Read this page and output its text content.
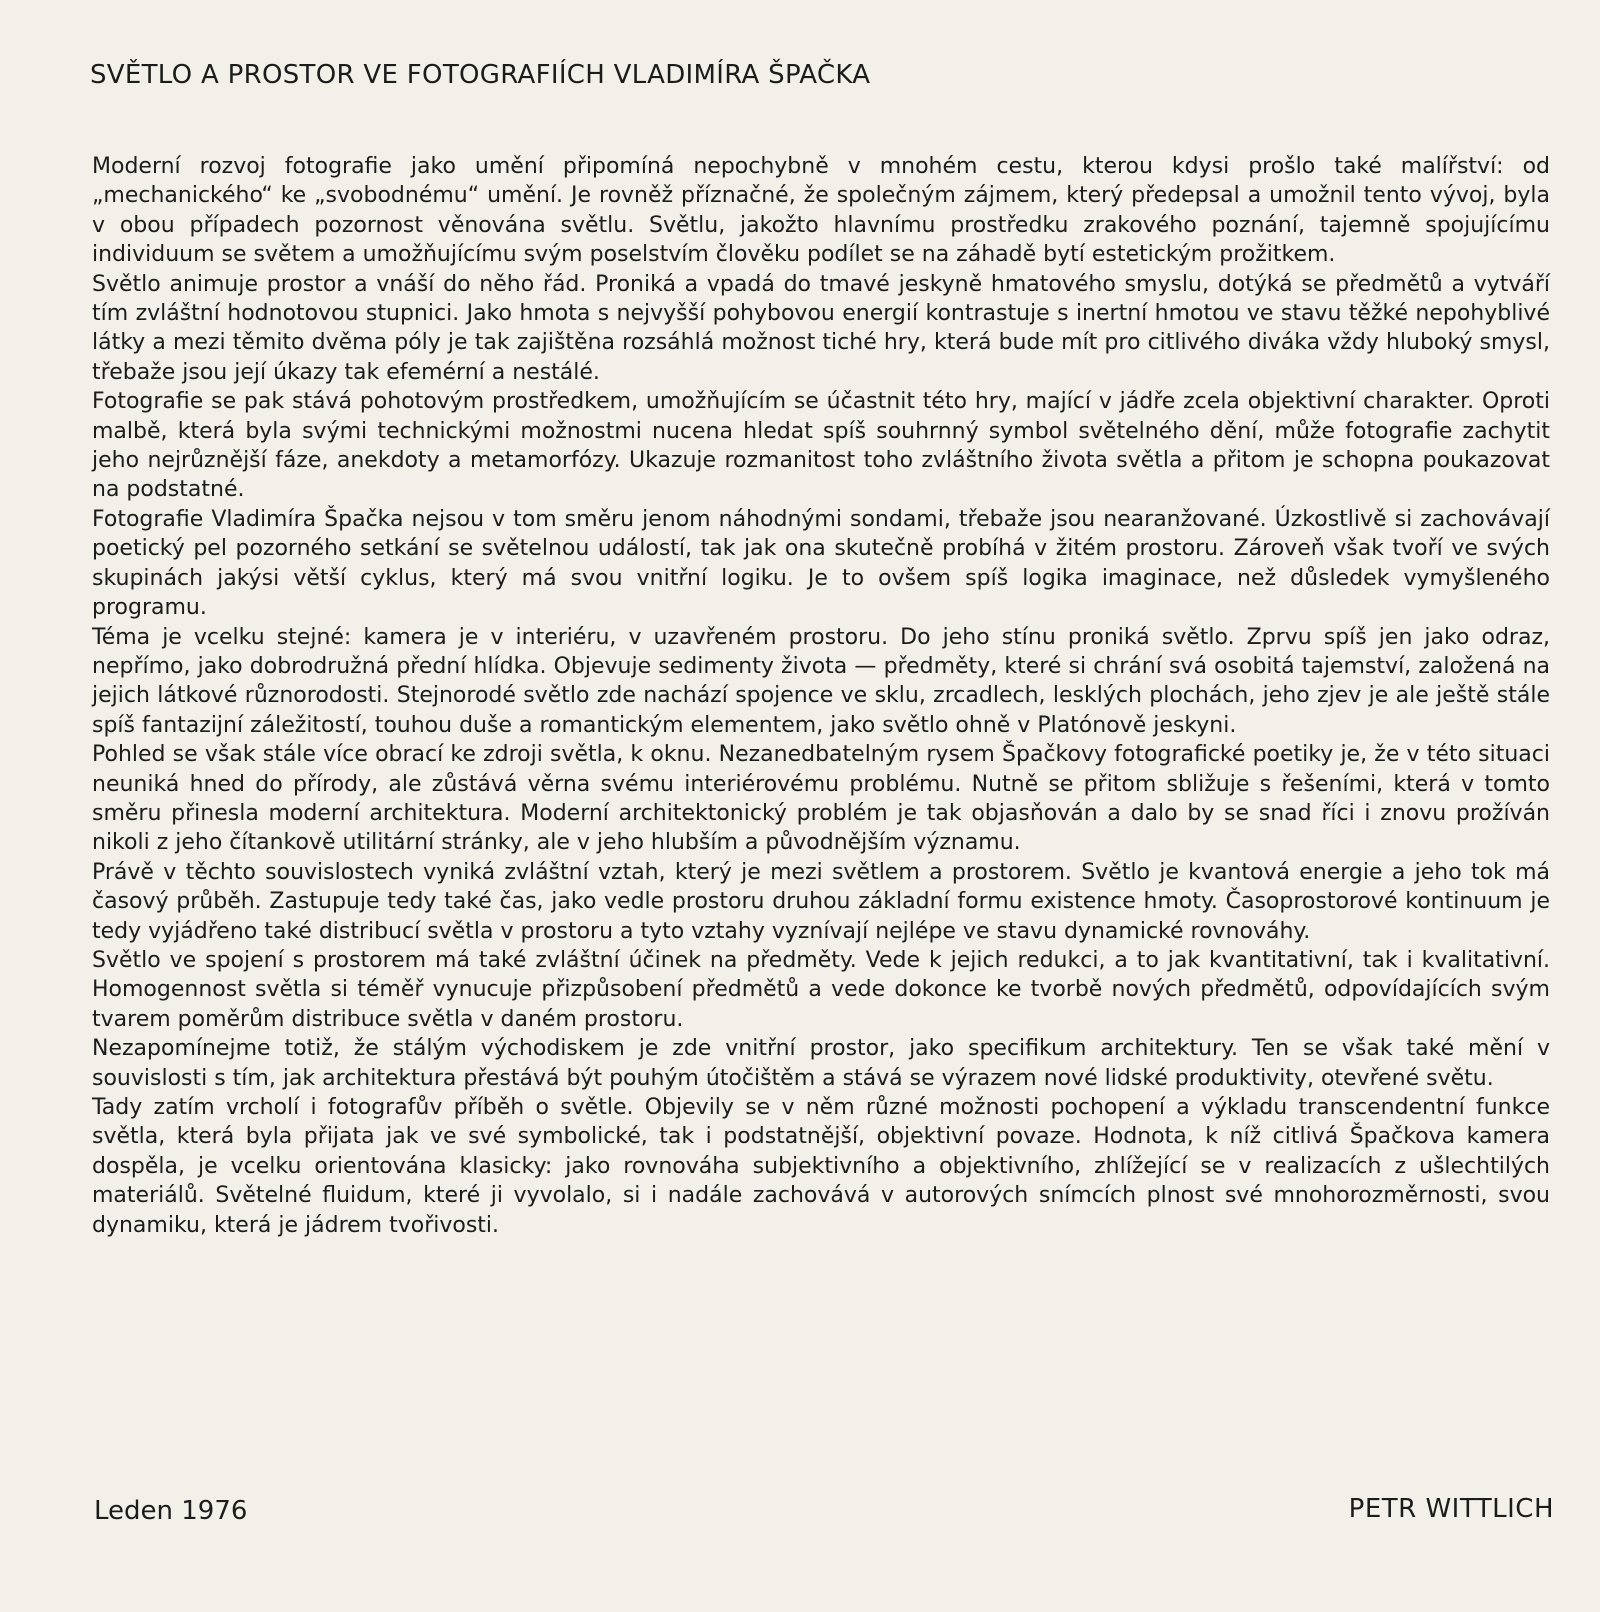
SVĚTLO A PROSTOR VE FOTOGRAFIÍCH VLADIMÍRA ŠPAČKA

Moderní rozvoj fotografie jako umění připomíná nepochybně v mnohém cestu, kterou kdysi prošlo také malířství: od „mechanického“ ke „svobodnému“ umění. Je rovněž příznačné, že společným zájmem, který předepsal a umožnil tento vývoj, byla v obou případech pozornost věnována světlu. Světlu, jakožto hlavnímu prostředku zrakového poznání, tajemně spojujícímu individuum se světem a umožňujícímu svým poselstvím člověku podílet se na záhadě bytí estetickým prožitkem.

Světlo animuje prostor a vnáší do něho řád. Proniká a vpadá do tmavé jeskyně hmatového smyslu, dotýká se předmětů a vytváří tím zvláštní hodnotovou stupnici. Jako hmota s nejvyšší pohybovou energií kontrastuje s inertní hmotou ve stavu těžké nepohyblivé látky a mezi těmito dvěma póly je tak zajištěna rozsáhlá možnost tiché hry, která bude mít pro citlivého diváka vždy hluboký smysl, třebaže jsou její úkazy tak efemérní a nestálé.

Fotografie se pak stává pohotovým prostředkem, umožňujícím se účastnit této hry, mající v jádře zcela objektivní charakter. Oproti malbě, která byla svými technickými možnostmi nucena hledat spíš souhrnný symbol světelného dění, může fotografie zachytit jeho nejrůznější fáze, anekdoty a metamorfózy. Ukazuje rozmanitost toho zvláštního života světla a přitom je schopna poukazovat na podstatné.

Fotografie Vladimíra Špačka nejsou v tom směru jenom náhodnými sondami, třebaže jsou nearanžované. Úzkostlivě si zachovávají poetický pel pozorného setkání se světelnou událostí, tak jak ona skutečně probíhá v žitém prostoru. Zároveň však tvoří ve svých skupinách jakýsi větší cyklus, který má svou vnitřní logiku. Je to ovšem spíš logika imaginace, než důsledek vymyšleného programu.

Téma je vcelku stejné: kamera je v interiéru, v uzavřeném prostoru. Do jeho stínu proniká světlo. Zprvu spíš jen jako odraz, nepřímo, jako dobrodružná přední hlídka. Objevuje sedimenty života — předměty, které si chrání svá osobitá tajemství, založená na jejich látkové různorodosti. Stejnorodé světlo zde nachází spojence ve sklu, zrcadlech, lesklých plochách, jeho zjev je ale ještě stále spíš fantazijní záležitostí, touhou duše a romantickým elementem, jako světlo ohně v Platónově jeskyni.

Pohled se však stále více obrací ke zdroji světla, k oknu. Nezanedbatelným rysem Špačkovy fotografické poetiky je, že v této situaci neuniká hned do přírody, ale zůstává věrna svému interiérovému problému. Nutně se přitom sbližuje s řešeními, která v tomto směru přinesla moderní architektura. Moderní architektonický problém je tak objasňován a dalo by se snad říci i znovu prožíván nikoli z jeho čítankově utilitární stránky, ale v jeho hlubším a původnějším významu.

Právě v těchto souvislostech vyniká zvláštní vztah, který je mezi světlem a prostorem. Světlo je kvantová energie a jeho tok má časový průběh. Zastupuje tedy také čas, jako vedle prostoru druhou základní formu existence hmoty. Časoprostorové kontinuum je tedy vyjádřeno také distribucí světla v prostoru a tyto vztahy vyznívají nejlépe ve stavu dynamické rovnováhy.

Světlo ve spojení s prostorem má také zvláštní účinek na předměty. Vede k jejich redukci, a to jak kvantitativní, tak i kvalitativní. Homogennost světla si téměř vynucuje přizpůsobení předmětů a vede dokonce ke tvorbě nových předmětů, odpovídajících svým tvarem poměrům distribuce světla v daném prostoru.

Nezapomínejme totiž, že stálým východiskem je zde vnitřní prostor, jako specifikum architektury. Ten se však také mění v souvislosti s tím, jak architektura přestává být pouhým útočištěm a stává se výrazem nové lidské produktivity, otevřené světu.

Tady zatím vrcholí i fotografův příběh o světle. Objevily se v něm různé možnosti pochopení a výkladu transcendentní funkce světla, která byla přijata jak ve své symbolické, tak i podstatnější, objektivní povaze. Hodnota, k níž citlivá Špačkova kamera dospěla, je vcelku orientována klasicky: jako rovnováha subjektivního a objektivního, zhlížející se v realizacích z ušlechtilých materiálů. Světelné fluidum, které ji vyvolalo, si i nadále zachovává v autorových snímcích plnost své mnohorozměrnosti, svou dynamiku, která je jádrem tvořivosti.

Leden 1976	PETR WITTLICH
